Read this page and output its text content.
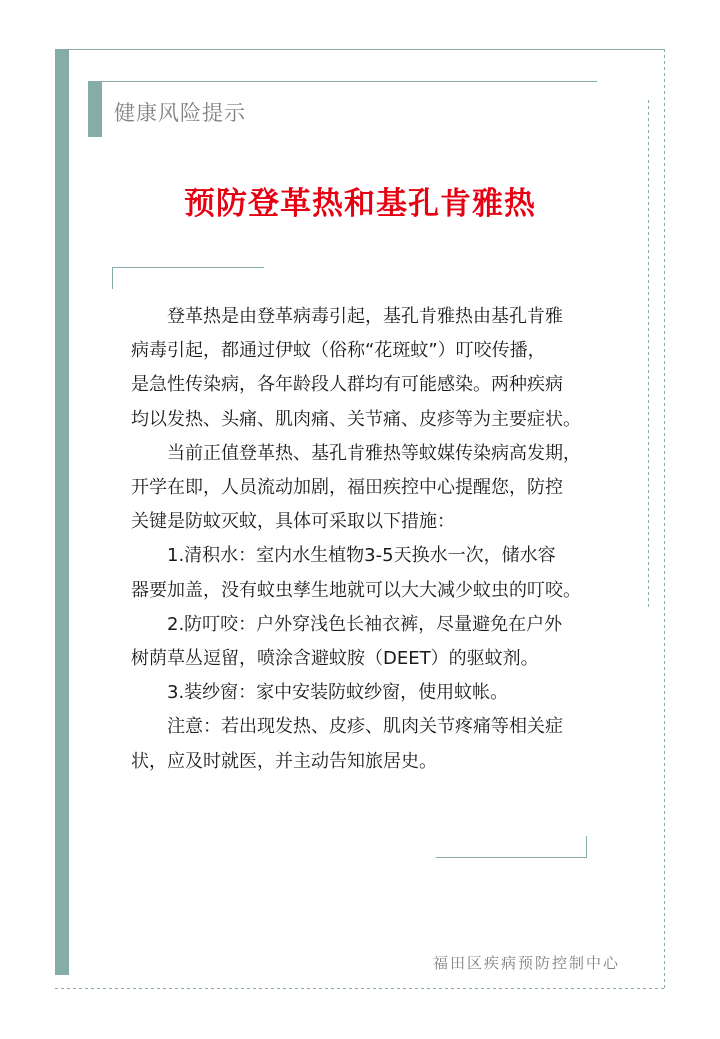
健康风险提示
预防登革热和基孔肯雅热

　　登革热是由登革病毒引起，基孔肯雅热由基孔肯雅

病毒引起，都通过伊蚊（俗称“花斑蚊”）叮咬传播，

是急性传染病，各年龄段人群均有可能感染。两种疾病

均以发热、头痛、肌肉痛、关节痛、皮疹等为主要症状。

　　当前正值登革热、基孔肯雅热等蚊媒传染病高发期，

开学在即，人员流动加剧，福田疾控中心提醒您，防控

关键是防蚊灭蚊，具体可采取以下措施：

　　1.清积水：室内水生植物3-5天换水一次，储水容

器要加盖，没有蚊虫孳生地就可以大大减少蚊虫的叮咬。

　　2.防叮咬：户外穿浅色长袖衣裤，尽量避免在户外

树荫草丛逗留，喷涂含避蚊胺（DEET）的驱蚊剂。

　　3.装纱窗：家中安装防蚊纱窗，使用蚊帐。

　　注意：若出现发热、皮疹、肌肉关节疼痛等相关症

状，应及时就医，并主动告知旅居史。

福田区疾病预防控制中心
